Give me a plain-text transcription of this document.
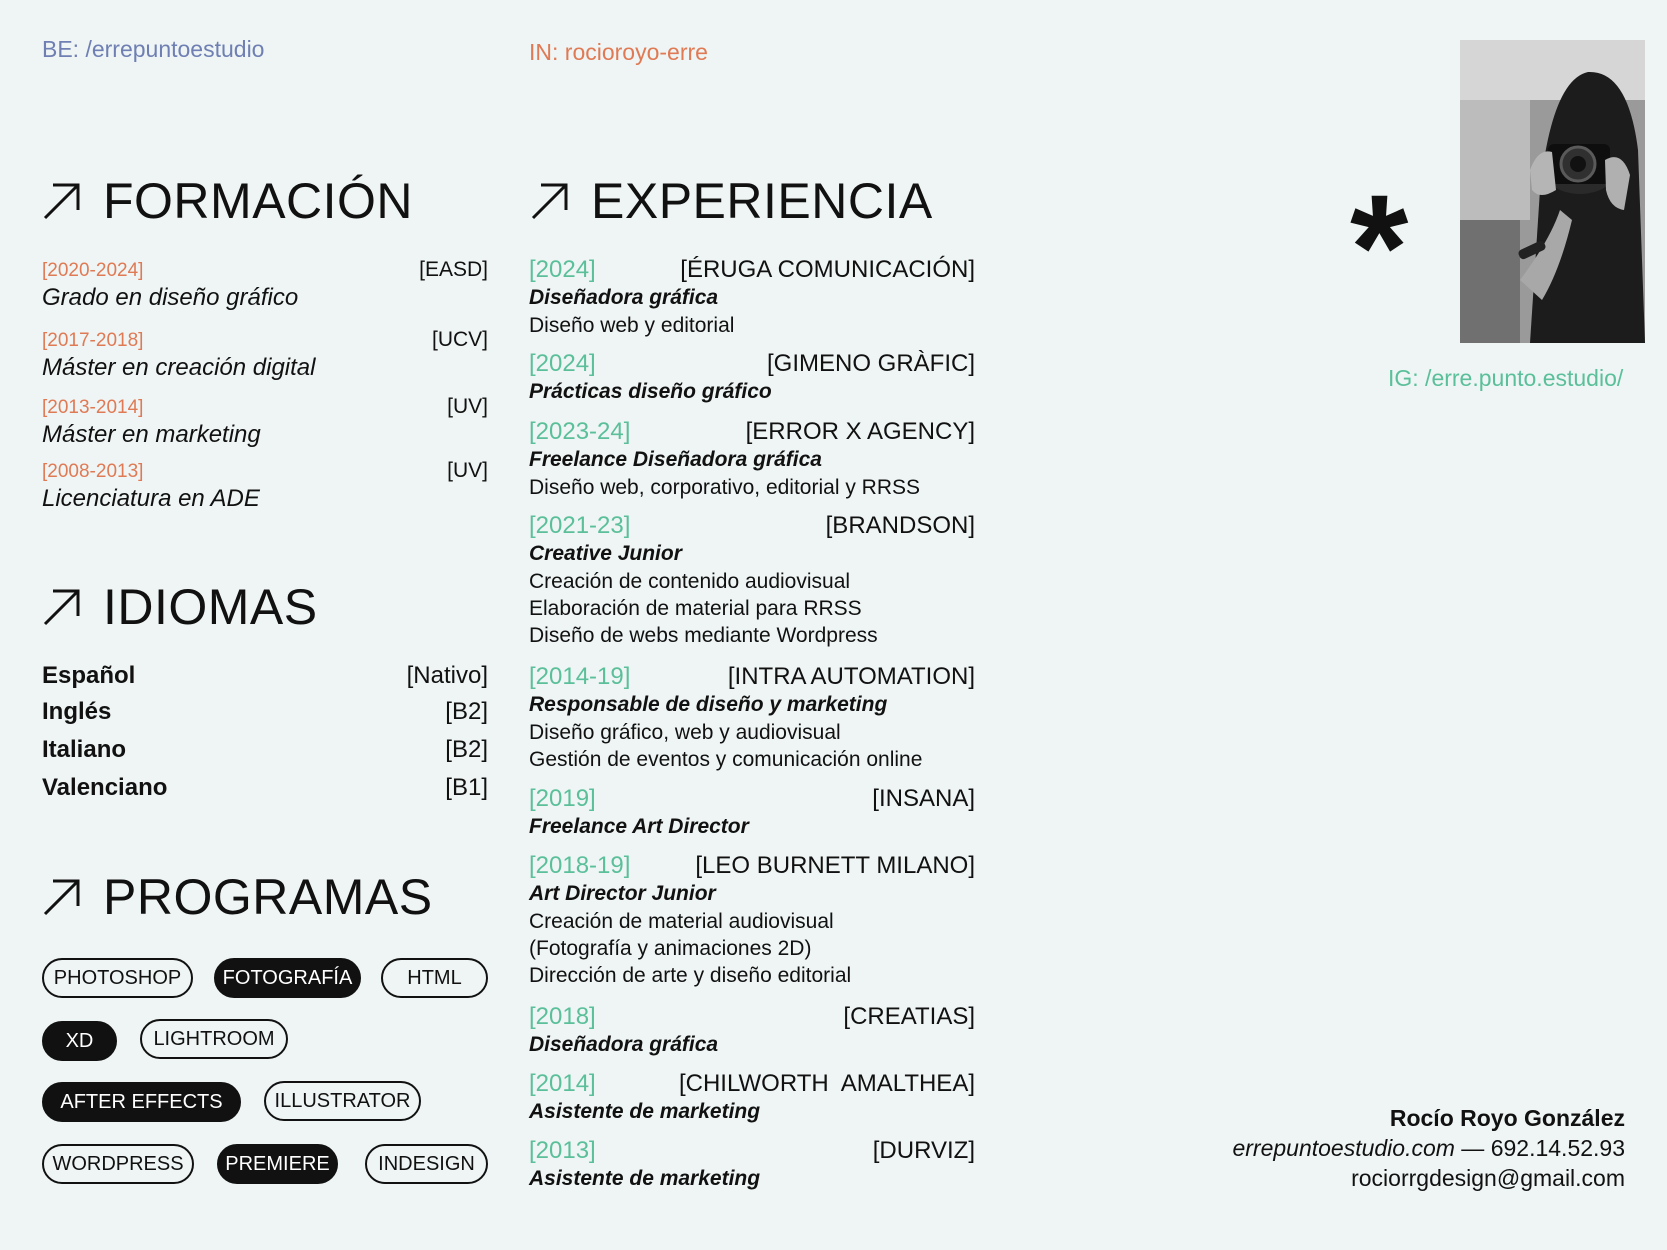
BE: /errepuntoestudio	IN: rocioroyo-erre
IG: /erre.punto.estudio/
FORMACIÓN	EXPERIENCIA
IDIOMAS
PROGRAMAS
[2020-2024]	[EASD]
Grado en diseño gráfico
[2017-2018]	[UCV]
Máster en creación digital
[2013-2014]	[UV]
Máster en marketing
[2008-2013]	[UV]
Licenciatura en ADE
Español	[Nativo]
Inglés	[B2]
Italiano	[B2]
Valenciano	[B1]
PHOTOSHOP	FOTOGRAFÍA	HTML
XD	LIGHTROOM
AFTER EFFECTS	ILLUSTRATOR
WORDPRESS	PREMIERE	INDESIGN
[2024]	[ÉRUGA COMUNICACIÓN]
Diseñadora gráfica
Diseño web y editorial
[2024]	[GIMENO GRÀFIC]
Prácticas diseño gráfico
[2023-24]	[ERROR X AGENCY]
Freelance Diseñadora gráfica
Diseño web, corporativo, editorial y RRSS
[2021-23]	[BRANDSON]
Creative Junior
Creación de contenido audiovisual
Elaboración de material para RRSS
Diseño de webs mediante Wordpress
[2014-19]	[INTRA AUTOMATION]
Responsable de diseño y marketing
Diseño gráfico, web y audiovisual
Gestión de eventos y comunicación online
[2019]	[INSANA]
Freelance Art Director
[2018-19]	[LEO BURNETT MILANO]
Art Director Junior
Creación de material audiovisual
(Fotografía y animaciones 2D)
Dirección de arte y diseño editorial
[2018]	[CREATIAS]
Diseñadora gráfica
[2014]	[CHILWORTH  AMALTHEA]
Asistente de marketing
[2013]	[DURVIZ]
Asistente de marketing
*
Rocío Royo González
errepuntoestudio.com — 692.14.52.93
rociorrgdesign@gmail.com
